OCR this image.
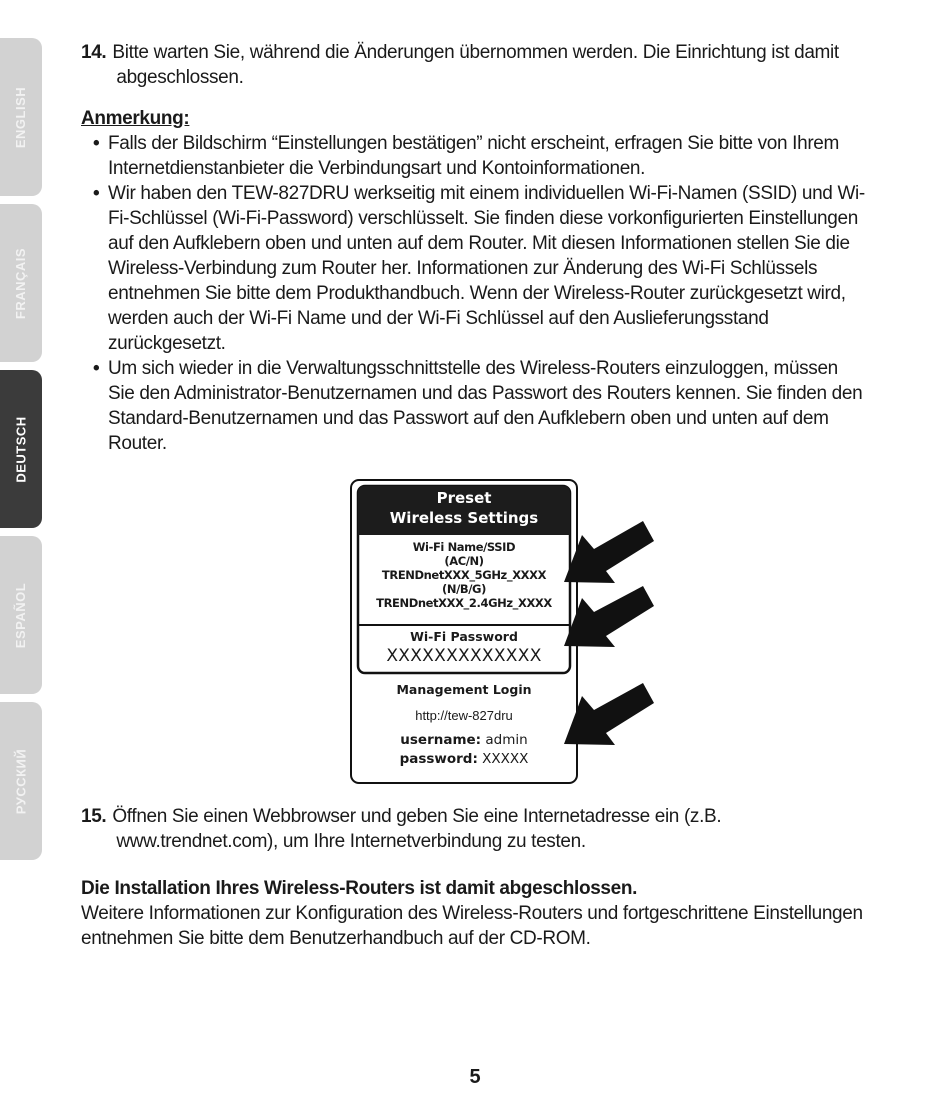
ENGLISH
FRANÇAIS
DEUTSCH
ESPAÑOL
РУССКИЙ
14. Bitte warten Sie, während die Änderungen übernommen werden. Die Einrichtung ist damit
abgeschlossen.
Anmerkung:
• Falls der Bildschirm “Einstellungen bestätigen” nicht erscheint, erfragen Sie bitte von Ihrem
Internetdienstanbieter die Verbindungsart und Kontoinformationen.
• Wir haben den TEW-827DRU werkseitig mit einem individuellen Wi-Fi-Namen (SSID) und Wi-
Fi-Schlüssel (Wi-Fi-Password) verschlüsselt. Sie finden diese vorkonfigurierten Einstellungen
auf den Aufklebern oben und unten auf dem Router. Mit diesen Informationen stellen Sie die
Wireless-Verbindung zum Router her. Informationen zur Änderung des Wi-Fi Schlüssels
entnehmen Sie bitte dem Produkthandbuch. Wenn der Wireless-Router zurückgesetzt wird,
werden auch der Wi-Fi Name und der Wi-Fi Schlüssel auf den Auslieferungsstand
zurückgesetzt.
• Um sich wieder in die Verwaltungsschnittstelle des Wireless-Routers einzuloggen, müssen
Sie den Administrator-Benutzernamen und das Passwort des Routers kennen. Sie finden den
Standard-Benutzernamen und das Passwort auf den Aufklebern oben und unten auf dem
Router.
Preset
Wireless Settings
Wi-Fi Name/SSID
(AC/N)
TRENDnetXXX_5GHz_XXXX
(N/B/G)
TRENDnetXXX_2.4GHz_XXXX
Wi-Fi Password
XXXXXXXXXXXXX
Management Login
http://tew-827dru
username: admin
password: XXXXX
15. Öffnen Sie einen Webbrowser und geben Sie eine Internetadresse ein (z.B.
www.trendnet.com), um Ihre Internetverbindung zu testen.
Die Installation Ihres Wireless-Routers ist damit abgeschlossen.
Weitere Informationen zur Konfiguration des Wireless-Routers und fortgeschrittene Einstellungen
entnehmen Sie bitte dem Benutzerhandbuch auf der CD-ROM.
5
